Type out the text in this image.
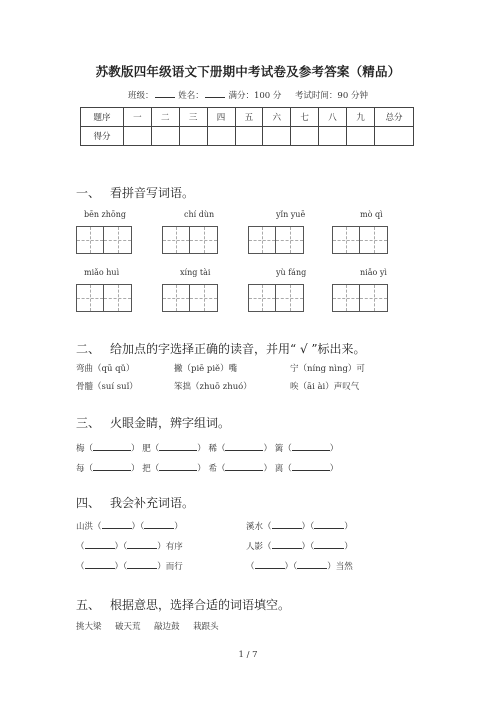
苏教版四年级语文下册期中考试卷及参考答案（精品）
班级：	姓名：	满分：100 分 考试时间：90 分钟
题序	一	二	三	四	五	六	七	八	九	总分
得分										
一、 看拼音写词语。
bēn zhōng	chí dùn	yǐn yuē	mò qì
miǎo huì	xíng tài	yù fáng	niǎo yì
二、 给加点的字选择正确的读音，并用“ √ ”标出来。
弯曲（qū qǔ）	撇（piē piě）嘴	宁（níng nìng）可
骨髓（suí suǐ）	笨拙（zhuō zhuó）	唉（āi ài）声叹气
三、 火眼金睛，辨字组词。
梅（	） 肥（	） 稀（	） 篱（	）
每（	） 把（	） 希（	） 离（	）
四、 我会补充词语。
山洪（	）（	）	溪水（	）（	）
（	）（	）有序	人影（	）（	）
（	）（	）而行	（	）（	）当然
五、 根据意思，选择合适的词语填空。
挑大梁 破天荒 敲边鼓 栽跟头
1 / 7
